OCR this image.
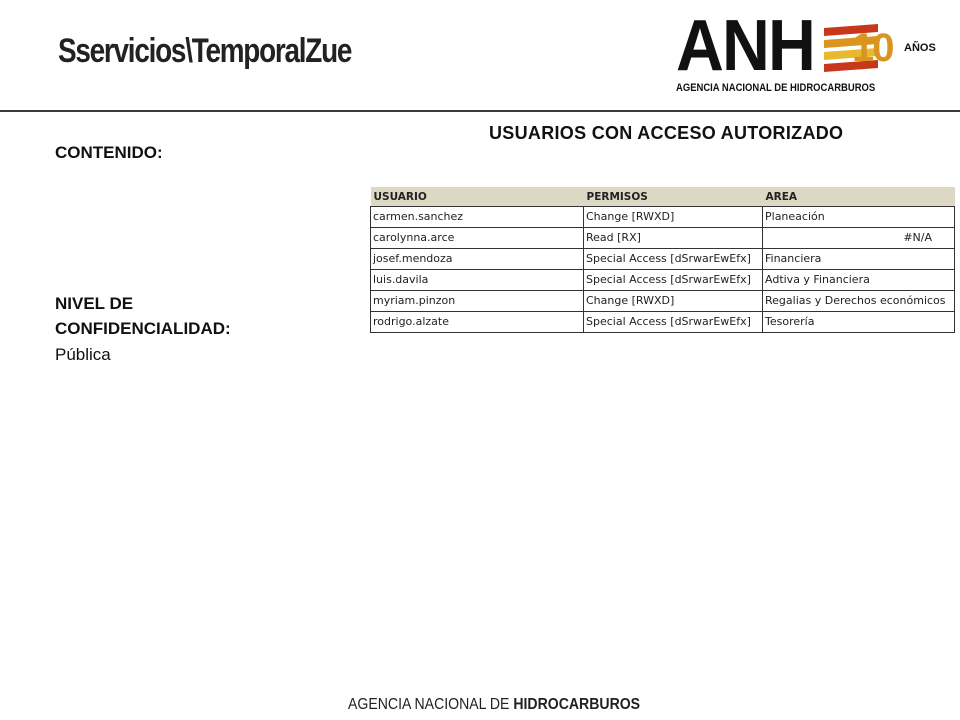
Sservicios\TemporalZue	ANH 10 AÑOS
AGENCIA NACIONAL DE HIDROCARBUROS
USUARIOS CON ACCESO AUTORIZADO
CONTENIDO:
NIVEL DE
CONFIDENCIALIDAD:
Pública
USUARIO	PERMISOS	AREA
carmen.sanchez	Change [RWXD]	Planeación
carolynna.arce	Read [RX]	#N/A
josef.mendoza	Special Access [dSrwarEwEfx]	Financiera
luis.davila	Special Access [dSrwarEwEfx]	Adtiva y Financiera
myriam.pinzon	Change [RWXD]	Regalias y Derechos económicos
rodrigo.alzate	Special Access [dSrwarEwEfx]	Tesorería
AGENCIA NACIONAL DE HIDROCARBUROS
